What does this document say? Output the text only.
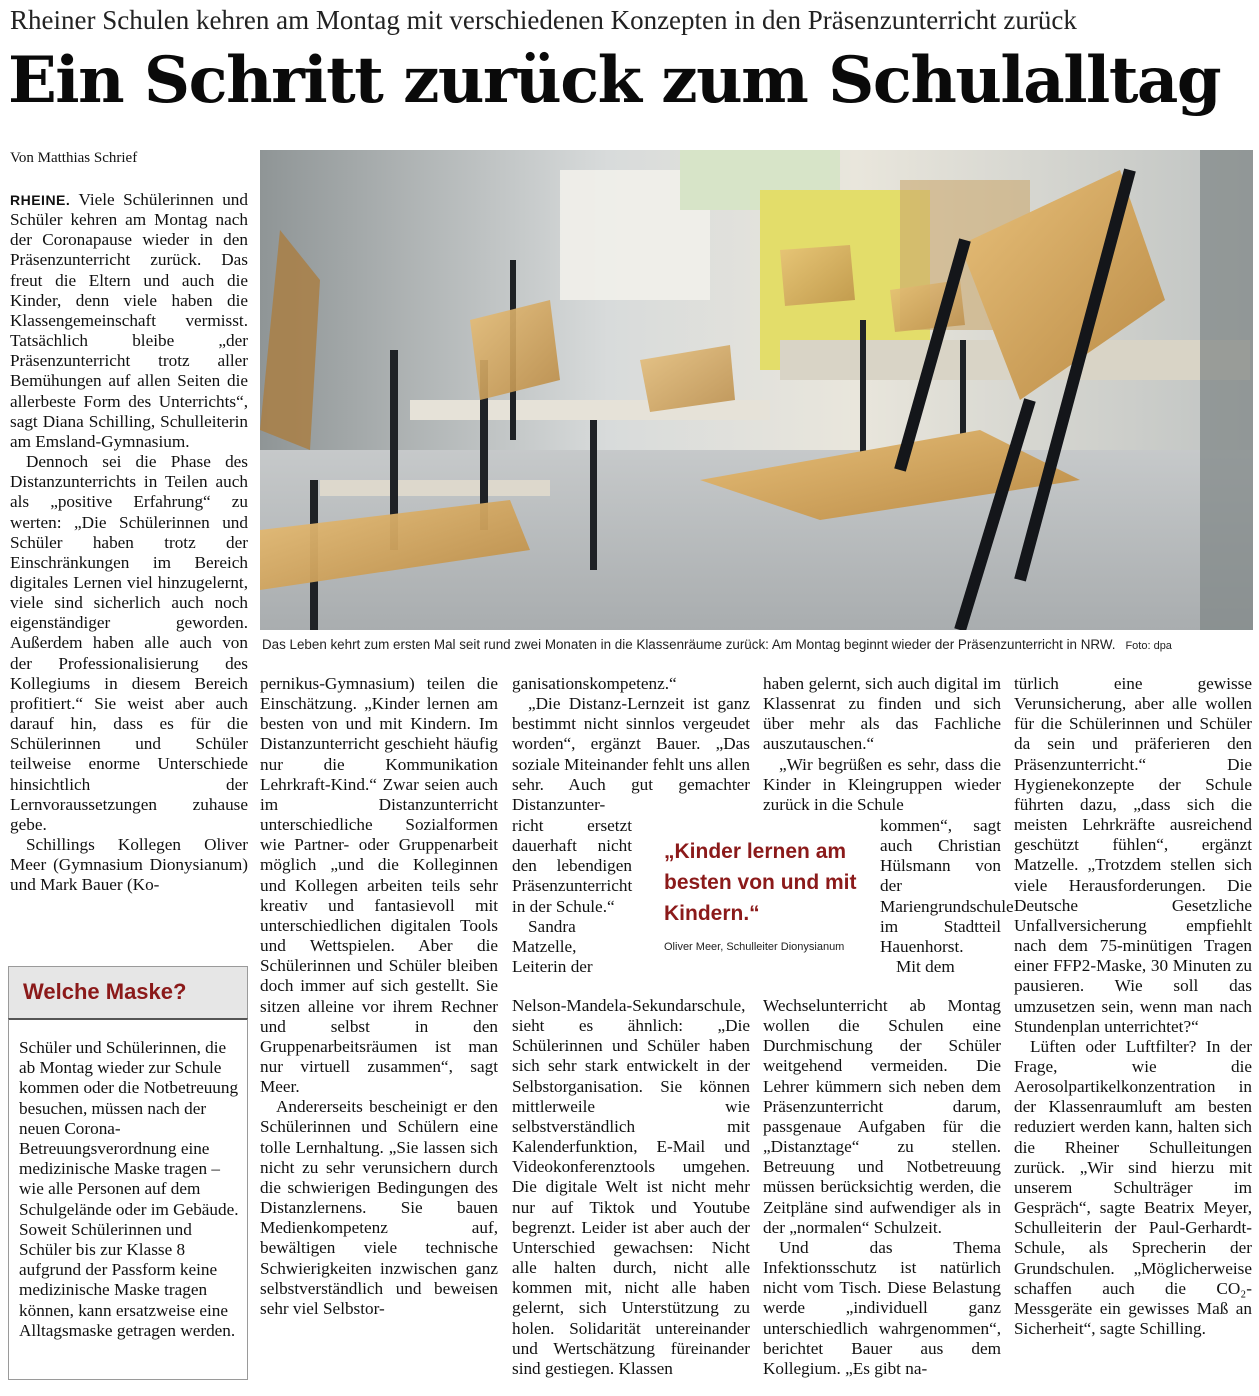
Rheiner Schulen kehren am Montag mit verschiedenen Konzepten in den Präsenzunterricht zurück
Ein Schritt zurück zum Schulalltag
Von Matthias Schrief

RHEINE. Viele Schülerinnen und Schüler kehren am Montag nach der Coronapause wieder in den Präsenzunterricht zurück. Das freut die Eltern und auch die Kinder, denn viele haben die Klassengemeinschaft vermisst. Tatsächlich bleibe „der Präsenzunterricht trotz aller Bemühungen auf allen Seiten die allerbeste Form des Unterrichts“, sagt Diana Schilling, Schulleiterin am Emsland-Gymnasium.

Dennoch sei die Phase des Distanzunterrichts in Teilen auch als „positive Erfahrung“ zu werten: „Die Schülerinnen und Schüler haben trotz der Einschränkungen im Bereich digitales Lernen viel hinzugelernt, viele sind sicherlich auch noch eigenständiger geworden. Außerdem haben alle auch von der Professionalisierung des Kollegiums in diesem Bereich profitiert.“ Sie weist aber auch darauf hin, dass es für die Schülerinnen und Schüler teilweise enorme Unterschiede hinsichtlich der Lernvoraussetzungen zuhause gebe.

Schillings Kollegen Oliver Meer (Gymnasium Dionysianum) und Mark Bauer (Ko-

Das Leben kehrt zum ersten Mal seit rund zwei Monaten in die Klassenräume zurück: Am Montag beginnt wieder der Präsenzunterricht in NRW. Foto: dpa
Welche Maske?
Schüler und Schülerinnen, die ab Montag wieder zur Schule kommen oder die Notbetreuung besuchen, müssen nach der neuen Corona-Betreuungsverordnung eine medizinische Maske tragen – wie alle Personen auf dem Schulgelände oder im Gebäude. Soweit Schülerinnen und Schüler bis zur Klasse 8 aufgrund der Passform keine medizinische Maske tragen können, kann ersatzweise eine Alltagsmaske getragen werden.

pernikus-Gymnasium) teilen die Einschätzung. „Kinder lernen am besten von und mit Kindern. Im Distanzunterricht geschieht häufig nur die Kommunikation Lehrkraft-Kind.“ Zwar seien auch im Distanzunterricht unterschiedliche Sozialformen wie Partner- oder Gruppenarbeit möglich „und die Kolleginnen und Kollegen arbeiten teils sehr kreativ und fantasievoll mit unterschiedlichen digitalen Tools und Wettspielen. Aber die Schülerinnen und Schüler bleiben doch immer auf sich gestellt. Sie sitzen alleine vor ihrem Rechner und selbst in den Gruppenarbeitsräumen ist man nur virtuell zusammen“, sagt Meer.

Andererseits bescheinigt er den Schülerinnen und Schülern eine tolle Lernhaltung. „Sie lassen sich nicht zu sehr verunsichern durch die schwierigen Bedingungen des Distanzlernens. Sie bauen Medienkompetenz auf, bewältigen viele technische Schwierigkeiten inzwischen ganz selbstverständlich und beweisen sehr viel Selbstor-

ganisationskompetenz.“

„Die Distanz-Lernzeit ist ganz bestimmt nicht sinnlos vergeudet worden“, ergänzt Bauer. „Das soziale Miteinander fehlt uns allen sehr. Auch gut gemachter Distanzunter-

richt ersetzt dauerhaft nicht den lebendigen Präsenzunterricht in der Schule.“

Sandra Matzelle, Leiterin der

Nelson-Mandela-Sekundarschule, sieht es ähnlich: „Die Schülerinnen und Schüler haben sich sehr stark entwickelt in der Selbstorganisation. Sie können mittlerweile wie selbstverständlich mit Kalenderfunktion, E-Mail und Videokonferenztools umgehen. Die digitale Welt ist nicht mehr nur auf Tiktok und Youtube begrenzt. Leider ist aber auch der Unterschied gewachsen: Nicht alle halten durch, nicht alle kommen mit, nicht alle haben gelernt, sich Unterstützung zu holen. Solidarität untereinander und Wertschätzung füreinander sind gestiegen. Klassen

„Kinder lernen am besten von und mit Kindern.“
Oliver Meer, Schulleiter Dionysianum

haben gelernt, sich auch digital im Klassenrat zu finden und sich über mehr als das Fachliche auszutauschen.“

„Wir begrüßen es sehr, dass die Kinder in Kleingruppen wieder zurück in die Schule

kommen“, sagt auch Christian Hülsmann von der Mariengrundschule im Stadtteil Hauenhorst.

Mit dem

Wechselunterricht ab Montag wollen die Schulen eine Durchmischung der Schüler weitgehend vermeiden. Die Lehrer kümmern sich neben dem Präsenzunterricht darum, passgenaue Aufgaben für die „Distanztage“ zu stellen. Betreuung und Notbetreuung müssen berücksichtig werden, die Zeitpläne sind aufwendiger als in der „normalen“ Schulzeit.

Und das Thema Infektionsschutz ist natürlich nicht vom Tisch. Diese Belastung werde „individuell ganz unterschiedlich wahrgenommen“, berichtet Bauer aus dem Kollegium. „Es gibt na-

türlich eine gewisse Verunsicherung, aber alle wollen für die Schülerinnen und Schüler da sein und präferieren den Präsenzunterricht.“ Die Hygienekonzepte der Schule führten dazu, „dass sich die meisten Lehrkräfte ausreichend geschützt fühlen“, ergänzt Matzelle. „Trotzdem stellen sich viele Herausforderungen. Die Deutsche Gesetzliche Unfallversicherung empfiehlt nach dem 75-minütigen Tragen einer FFP2-Maske, 30 Minuten zu pausieren. Wie soll das umzusetzen sein, wenn man nach Stundenplan unterrichtet?“

Lüften oder Luftfilter? In der Frage, wie die Aerosolpartikelkonzentration in der Klassenraumluft am besten reduziert werden kann, halten sich die Rheiner Schulleitungen zurück. „Wir sind hierzu mit unserem Schulträger im Gespräch“, sagte Beatrix Meyer, Schulleiterin der Paul-Gerhardt-Schule, als Sprecherin der Grundschulen. „Möglicherweise schaffen auch die CO₂-Messgeräte ein gewisses Maß an Sicherheit“, sagte Schilling.
